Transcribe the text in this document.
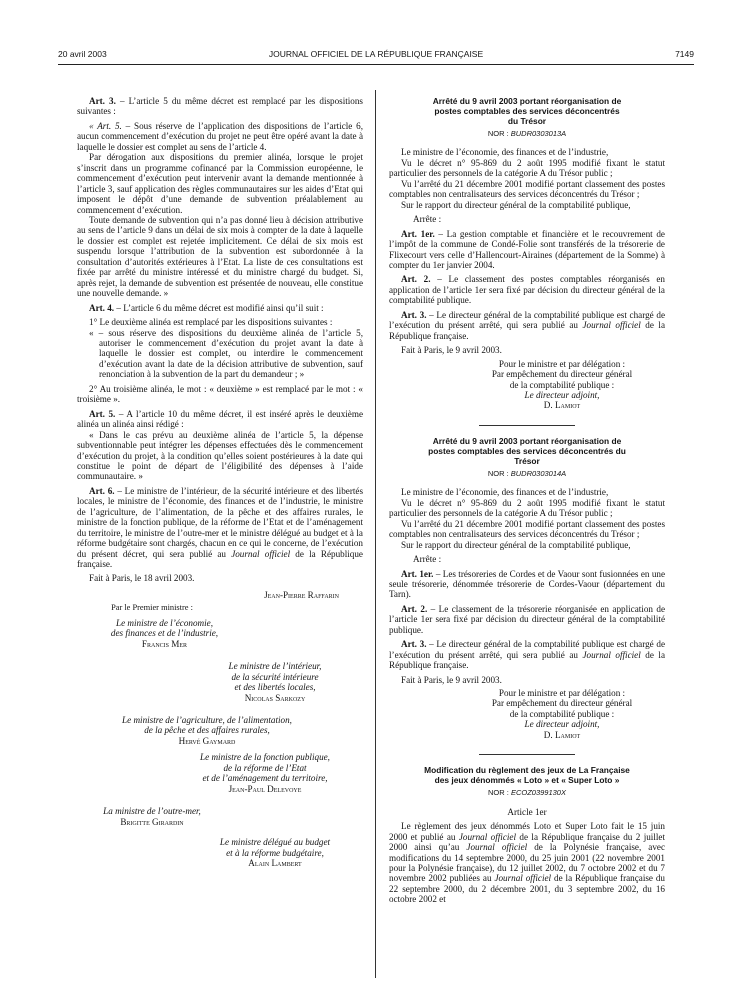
20 avril 2003	JOURNAL OFFICIEL DE LA RÉPUBLIQUE FRANÇAISE	7149

Art. 3. – L’article 5 du même décret est remplacé par les dispositions suivantes :

« Art. 5. – Sous réserve de l’application des dispositions de l’article 6, aucun commencement d’exécution du projet ne peut être opéré avant la date à laquelle le dossier est complet au sens de l’article 4.

Par dérogation aux dispositions du premier alinéa, lorsque le projet s’inscrit dans un programme cofinancé par la Commission européenne, le commencement d’exécution peut intervenir avant la demande mentionnée à l’article 3, sauf application des règles communautaires sur les aides d’Etat qui imposent le dépôt d’une demande de subvention préalablement au commencement d’exécution.

Toute demande de subvention qui n’a pas donné lieu à décision attributive au sens de l’article 9 dans un délai de six mois à compter de la date à laquelle le dossier est complet est rejetée implicitement. Ce délai de six mois est suspendu lorsque l’attribution de la subvention est subordonnée à la consultation d’autorités extérieures à l’Etat. La liste de ces consultations est fixée par arrêté du ministre intéressé et du ministre chargé du budget. Si, après rejet, la demande de subvention est présentée de nouveau, elle constitue une nouvelle demande. »

Art. 4. – L’article 6 du même décret est modifié ainsi qu’il suit :

1° Le deuxième alinéa est remplacé par les dispositions suivantes :

« – sous réserve des dispositions du deuxième alinéa de l’article 5, autoriser le commencement d’exécution du projet avant la date à laquelle le dossier est complet, ou interdire le commencement d’exécution avant la date de la décision attributive de subvention, sauf renonciation à la subvention de la part du demandeur ; »

2° Au troisième alinéa, le mot : « deuxième » est remplacé par le mot : « troisième ».

Art. 5. – A l’article 10 du même décret, il est inséré après le deuxième alinéa un alinéa ainsi rédigé :

« Dans le cas prévu au deuxième alinéa de l’article 5, la dépense subventionnable peut intégrer les dépenses effectuées dès le commencement d’exécution du projet, à la condition qu’elles soient postérieures à la date qui constitue le point de départ de l’éligibilité des dépenses à l’aide communautaire. »

Art. 6. – Le ministre de l’intérieur, de la sécurité intérieure et des libertés locales, le ministre de l’économie, des finances et de l’industrie, le ministre de l’agriculture, de l’alimentation, de la pêche et des affaires rurales, le ministre de la fonction publique, de la réforme de l’Etat et de l’aménagement du territoire, le ministre de l’outre-mer et le ministre délégué au budget et à la réforme budgétaire sont chargés, chacun en ce qui le concerne, de l’exécution du présent décret, qui sera publié au Journal officiel de la République française.

Fait à Paris, le 18 avril 2003.

Jean-Pierre Raffarin
Par le Premier ministre :
Le ministre de l’économie,
des finances et de l’industrie,
Francis Mer
Le ministre de l’intérieur,
de la sécurité intérieure
et des libertés locales,
Nicolas Sarkozy
Le ministre de l’agriculture, de l’alimentation,
de la pêche et des affaires rurales,
Hervé Gaymard
Le ministre de la fonction publique,
de la réforme de l’Etat
et de l’aménagement du territoire,
Jean-Paul Delevoye
La ministre de l’outre-mer,
Brigitte Girardin
Le ministre délégué au budget
et à la réforme budgétaire,
Alain Lambert
Arrêté du 9 avril 2003 portant réorganisation de
postes comptables des services déconcentrés
du Trésor
NOR : BUDR0303013A

Le ministre de l’économie, des finances et de l’industrie,

Vu le décret n° 95-869 du 2 août 1995 modifié fixant le statut particulier des personnels de la catégorie A du Trésor public ;

Vu l’arrêté du 21 décembre 2001 modifié portant classement des postes comptables non centralisateurs des services déconcentrés du Trésor ;

Sur le rapport du directeur général de la comptabilité publique,

Arrête :

Art. 1er. – La gestion comptable et financière et le recouvrement de l’impôt de la commune de Condé-Folie sont transférés de la trésorerie de Flixecourt vers celle d’Hallencourt-Airaines (département de la Somme) à compter du 1er janvier 2004.

Art. 2. – Le classement des postes comptables réorganisés en application de l’article 1er sera fixé par décision du directeur général de la comptabilité publique.

Art. 3. – Le directeur général de la comptabilité publique est chargé de l’exécution du présent arrêté, qui sera publié au Journal officiel de la République française.

Fait à Paris, le 9 avril 2003.

Pour le ministre et par délégation :
Par empêchement du directeur général
de la comptabilité publique :
Le directeur adjoint,
D. Lamiot
Arrêté du 9 avril 2003 portant réorganisation de
postes comptables des services déconcentrés du
Trésor
NOR : BUDR0303014A

Le ministre de l’économie, des finances et de l’industrie,

Vu le décret n° 95-869 du 2 août 1995 modifié fixant le statut particulier des personnels de la catégorie A du Trésor public ;

Vu l’arrêté du 21 décembre 2001 modifié portant classement des postes comptables non centralisateurs des services déconcentrés du Trésor ;

Sur le rapport du directeur général de la comptabilité publique,

Arrête :

Art. 1er. – Les trésoreries de Cordes et de Vaour sont fusionnées en une seule trésorerie, dénommée trésorerie de Cordes-Vaour (département du Tarn).

Art. 2. – Le classement de la trésorerie réorganisée en application de l’article 1er sera fixé par décision du directeur général de la comptabilité publique.

Art. 3. – Le directeur général de la comptabilité publique est chargé de l’exécution du présent arrêté, qui sera publié au Journal officiel de la République française.

Fait à Paris, le 9 avril 2003.

Pour le ministre et par délégation :
Par empêchement du directeur général
de la comptabilité publique :
Le directeur adjoint,
D. Lamiot
Modification du règlement des jeux de La Française
des jeux dénommés « Loto » et « Super Loto »
NOR : ECOZ0399130X

Article 1er

Le règlement des jeux dénommés Loto et Super Loto fait le 15 juin 2000 et publié au Journal officiel de la République française du 2 juillet 2000 ainsi qu’au Journal officiel de la Polynésie française, avec modifications du 14 septembre 2000, du 25 juin 2001 (22 novembre 2001 pour la Polynésie française), du 12 juillet 2002, du 7 octobre 2002 et du 7 novembre 2002 publiées au Journal officiel de la République française du 22 septembre 2000, du 2 décembre 2001, du 3 septembre 2002, du 16 octobre 2002 et
